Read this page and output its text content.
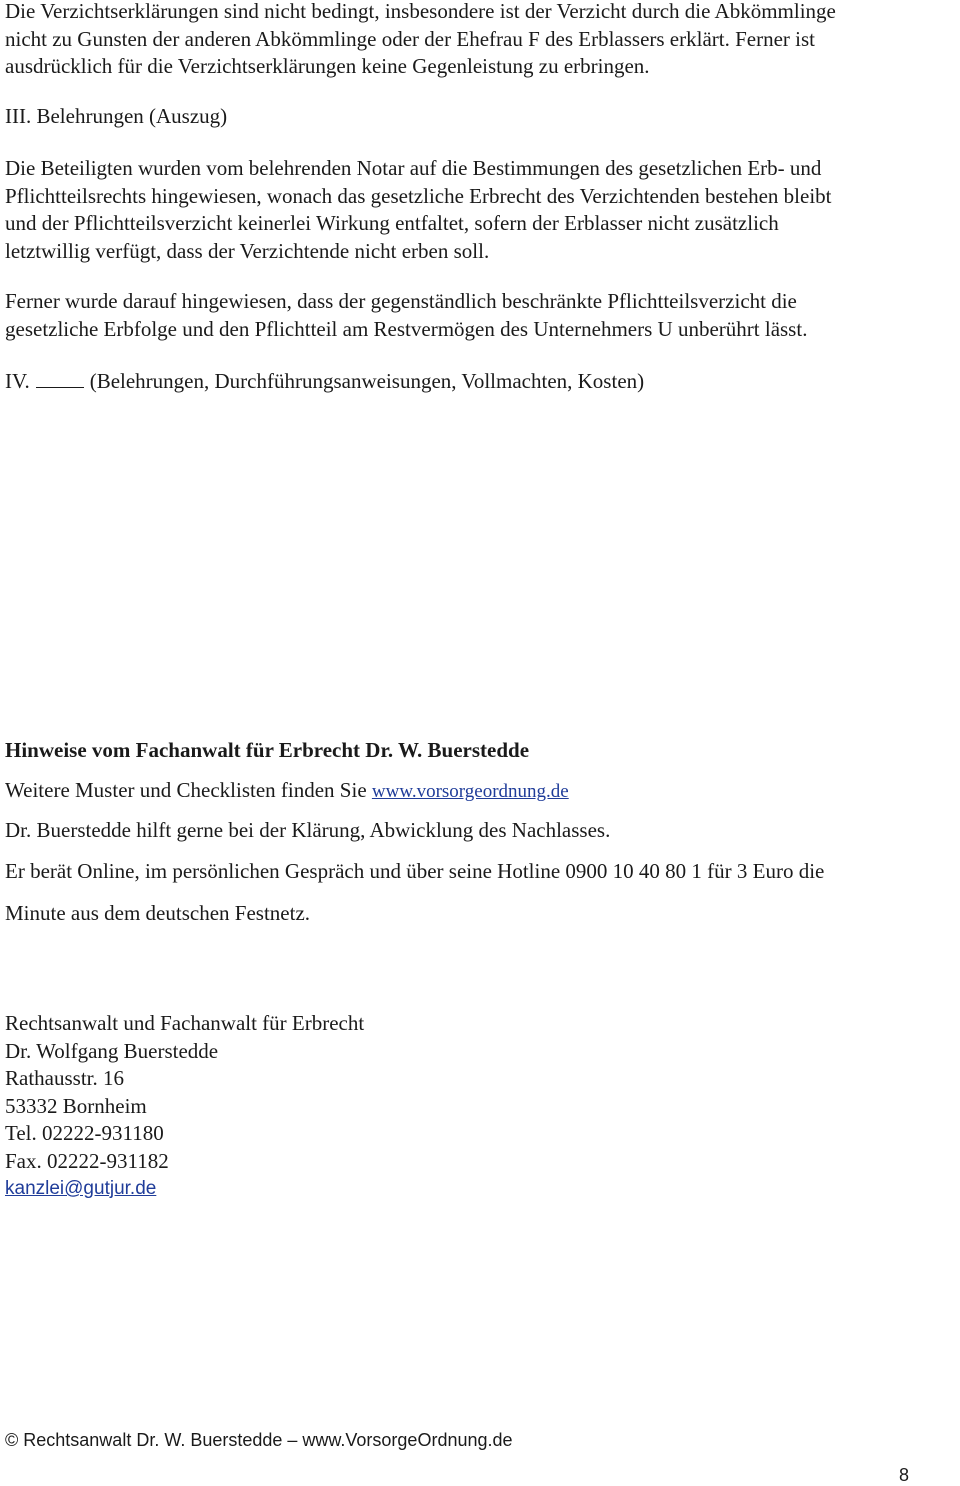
Die Verzichtserklärungen sind nicht bedingt, insbesondere ist der Verzicht durch die Abkömmlinge
nicht zu Gunsten der anderen Abkömmlinge oder der Ehefrau F des Erblassers erklärt. Ferner ist
ausdrücklich für die Verzichtserklärungen keine Gegenleistung zu erbringen.

III. Belehrungen (Auszug)

Die Beteiligten wurden vom belehrenden Notar auf die Bestimmungen des gesetzlichen Erb- und
Pflichtteilsrechts hingewiesen, wonach das gesetzliche Erbrecht des Verzichtenden bestehen bleibt
und der Pflichtteilsverzicht keinerlei Wirkung entfaltet, sofern der Erblasser nicht zusätzlich
letztwillig verfügt, dass der Verzichtende nicht erben soll.

Ferner wurde darauf hingewiesen, dass der gegenständlich beschränkte Pflichtteilsverzicht die
gesetzliche Erbfolge und den Pflichtteil am Restvermögen des Unternehmers U unberührt lässt.

IV.	(Belehrungen, Durchführungsanweisungen, Vollmachten, Kosten)

Hinweise vom Fachanwalt für Erbrecht Dr. W. Buerstedde

Weitere Muster und Checklisten finden Sie www.vorsorgeordnung.de

Dr. Buerstedde hilft gerne bei der Klärung, Abwicklung des Nachlasses.

Er berät Online, im persönlichen Gespräch und über seine Hotline 0900 10 40 80 1 für 3 Euro die

Minute aus dem deutschen Festnetz.

Rechtsanwalt und Fachanwalt für Erbrecht
Dr. Wolfgang Buerstedde
Rathausstr. 16
53332 Bornheim
Tel. 02222-931180
Fax. 02222-931182
kanzlei@gutjur.de
© Rechtsanwalt Dr. W. Buerstedde – www.VorsorgeOrdnung.de
8
